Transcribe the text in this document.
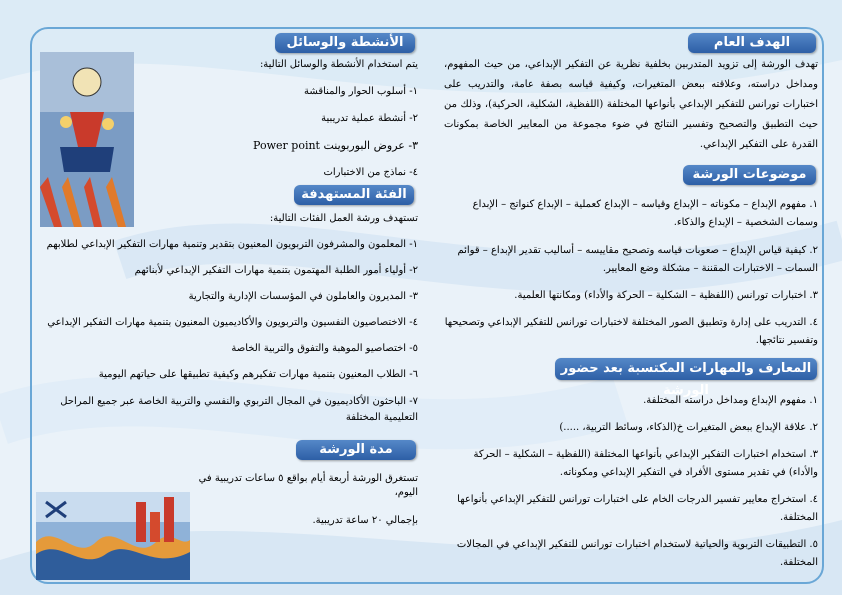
الهدف العام

تهدف الورشة إلى تزويد المتدربين بخلفية نظرية عن التفكير الإبداعي، من حيث المفهوم، ومداخل دراسته، وعلاقته ببعض المتغيرات، وكيفية قياسه بصفة عامة، والتدريب على اختبارات تورانس للتفكير الإبداعي بأنواعها المختلفة (اللفظية، الشكلية، الحركية)، وذلك من حيث التطبيق والتصحيح وتفسير النتائج في ضوء مجموعة من المعايير الخاصة بمكونات القدرة على التفكير الإبداعي.

موضوعات الورشة
١. مفهوم الإبداع – مكوناته – الإبداع وقياسه – الإبداع كعملية – الإبداع كنواتج – الإبداع وسمات الشخصية – الإبداع والذكاء.
٢. كيفية قياس الإبداع – صعوبات قياسه وتصحيح مقاييسه – أساليب تقدير الإبداع – قوائم السمات – الاختبارات المقننة – مشكلة وضع المعايير.
٣. اختبارات تورانس (اللفظية – الشكلية – الحركة والأداء) ومكانتها العلمية.
٤. التدريب على إدارة وتطبيق الصور المختلفة لاختبارات تورانس للتفكير الإبداعي وتصحيحها وتفسير نتائجها.
المعارف والمهارات المكتسبة بعد حضور الورشة
١. مفهوم الإبداع ومداخل دراسته المختلفة.
٢. علاقة الإبداع ببعض المتغيرات خ(الذكاء، وسائط التربية، .....)
٣. استخدام اختبارات التفكير الإبداعي بأنواعها المختلفة (اللفظية – الشكلية – الحركة والأداء) في تقدير مستوى الأفراد في التفكير الإبداعي ومكوناته.
٤. استخراج معايير تفسير الدرجات الخام على اختبارات تورانس للتفكير الإبداعي بأنواعها المختلفة.
٥. التطبيقات التربوية والحياتية لاستخدام اختبارات تورانس للتفكير الإبداعي في المجالات المختلفة.
الأنشطة والوسائل
يتم استخدام الأنشطة والوسائل التالية:
١- أسلوب الحوار والمناقشة
٢- أنشطة عملية تدريبية
٣- عروض البوربوينت Power point
٤- نماذج من الاختبارات
الفئة المستهدفة
تستهدف ورشة العمل الفئات التالية:
١- المعلمون والمشرفون التربويون المعنيون بتقدير وتنمية مهارات التفكير الإبداعي لطلابهم
٢- أولياء أمور الطلبة المهتمون بتنمية مهارات التفكير الإبداعي لأبنائهم
٣- المديرون والعاملون في المؤسسات الإدارية والتجارية
٤- الاختصاصيون النفسيون والتربويون والأكاديميون المعنيون بتنمية مهارات التفكير الإبداعي
٥- اختصاصيو الموهبة والتفوق والتربية الخاصة
٦- الطلاب المعنيون بتنمية مهارات تفكيرهم وكيفية تطبيقها على حياتهم اليومية
٧- الباحثون الأكاديميون في المجال التربوي والنفسي والتربية الخاصة عبر جميع المراحل التعليمية المختلفة
مدة الورشة
تستغرق الورشة أربعة أيام بواقع ٥ ساعات تدريبية في اليوم،
بإجمالي ٢٠ ساعة تدريبية.
